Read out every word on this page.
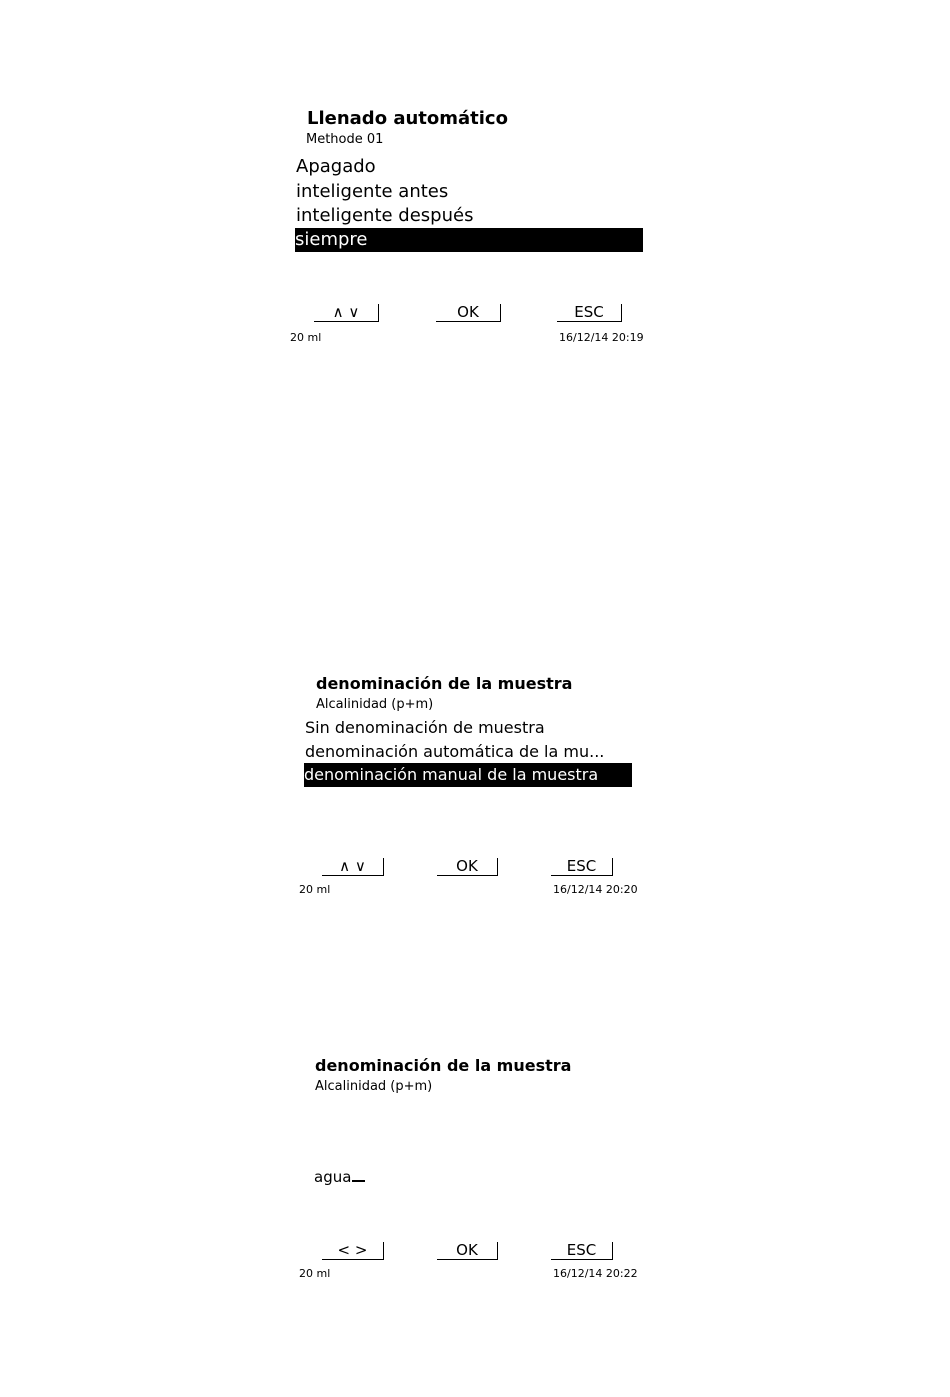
Llenado automático
Methode 01
Apagado
inteligente antes
inteligente después
siempre
∧ ∨	OK	ESC
20 ml	16/12/14 20:19
denominación de la muestra
Alcalinidad (p+m)
Sin denominación de muestra
denominación automática de la mu...
denominación manual de la muestra
∧ ∨	OK	ESC
20 ml	16/12/14 20:20
denominación de la muestra
Alcalinidad (p+m)
agua
< >	OK	ESC
20 ml	16/12/14 20:22
